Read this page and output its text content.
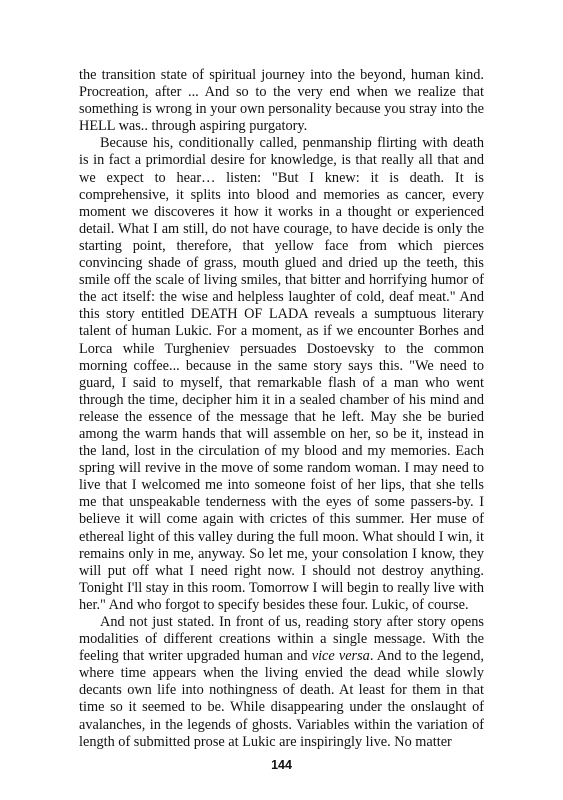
the transition state of spiritual journey into the beyond, human kind. Procreation, after ... And so to the very end when we realize that something is wrong in your own personality because you stray into the HELL was.. through aspiring purgatory.

Because his, conditionally called, penmanship flirting with death is in fact a primordial desire for knowledge, is that really all that and we expect to hear… listen: "But I knew: it is death. It is comprehensive, it splits into blood and memories as cancer, every moment we discoveres it how it works in a thought or experienced detail. What I am still, do not have courage, to have decide is only the starting point, therefore, that yellow face from which pierces convincing shade of grass, mouth glued and dried up the teeth, this smile off the scale of living smiles, that bitter and horrifying humor of the act itself: the wise and helpless laughter of cold, deaf meat." And this story entitled DEATH OF LADA reveals a sumptuous literary talent of human Lukic. For a moment, as if we encounter Borhes and Lorca while Turgheniev persuades Dostoevsky to the common morning coffee... because in the same story says this. "We need to guard, I said to myself, that remarkable flash of a man who went through the time, decipher him it in a sealed chamber of his mind and release the essence of the message that he left. May she be buried among the warm hands that will assemble on her, so be it, instead in the land, lost in the circulation of my blood and my memories. Each spring will revive in the move of some random woman. I may need to live that I welcomed me into someone foist of her lips, that she tells me that unspeakable tenderness with the eyes of some passers-by. I believe it will come again with crictes of this summer. Her muse of ethereal light of this valley during the full moon. What should I win, it remains only in me, anyway. So let me, your consolation I know, they will put off what I need right now. I should not destroy anything. Tonight I'll stay in this room. Tomorrow I will begin to really live with her." And who forgot to specify besides these four. Lukic, of course.

And not just stated. In front of us, reading story after story opens modalities of different creations within a single message. With the feeling that writer upgraded human and vice versa. And to the legend, where time appears when the living envied the dead while slowly decants own life into nothingness of death. At least for them in that time so it seemed to be. While disappearing under the onslaught of avalanches, in the legends of ghosts. Variables within the variation of length of submitted prose at Lukic are inspiringly live. No matter

144
